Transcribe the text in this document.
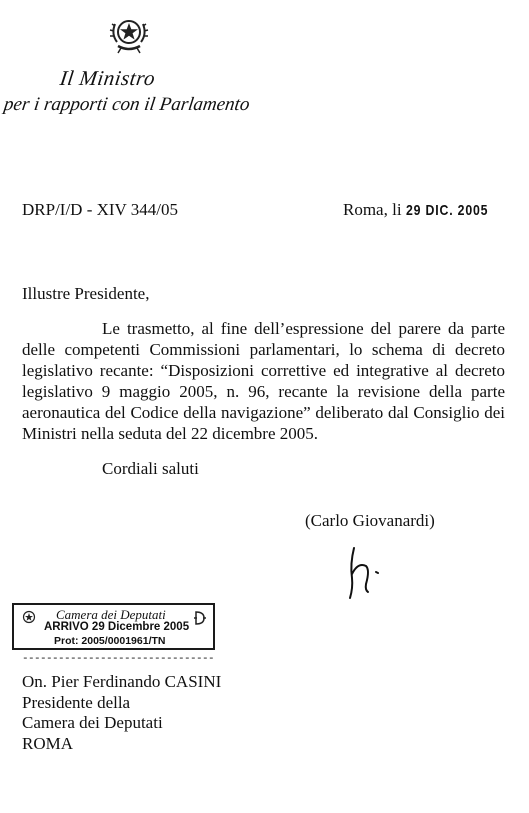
Il Ministro
per i rapporti con il Parlamento
DRP/I/D - XIV 344/05	Roma, li 29 DIC. 2005
Illustre Presidente,
Le trasmetto, al fine dell’espressione del parere da parte delle competenti Commissioni parlamentari, lo schema di decreto legislativo recante: “Disposizioni correttive ed integrative al decreto legislativo 9 maggio 2005, n. 96, recante la revisione della parte aeronautica del Codice della navigazione” deliberato dal Consiglio dei Ministri nella seduta del 22 dicembre 2005.
Cordiali saluti
(Carlo Giovanardi)
Camera dei Deputati
ARRIVO 29 Dicembre 2005
Prot: 2005/0001961/TN
--------------------------------
On. Pier Ferdinando CASINI
Presidente della
Camera dei Deputati
ROMA
